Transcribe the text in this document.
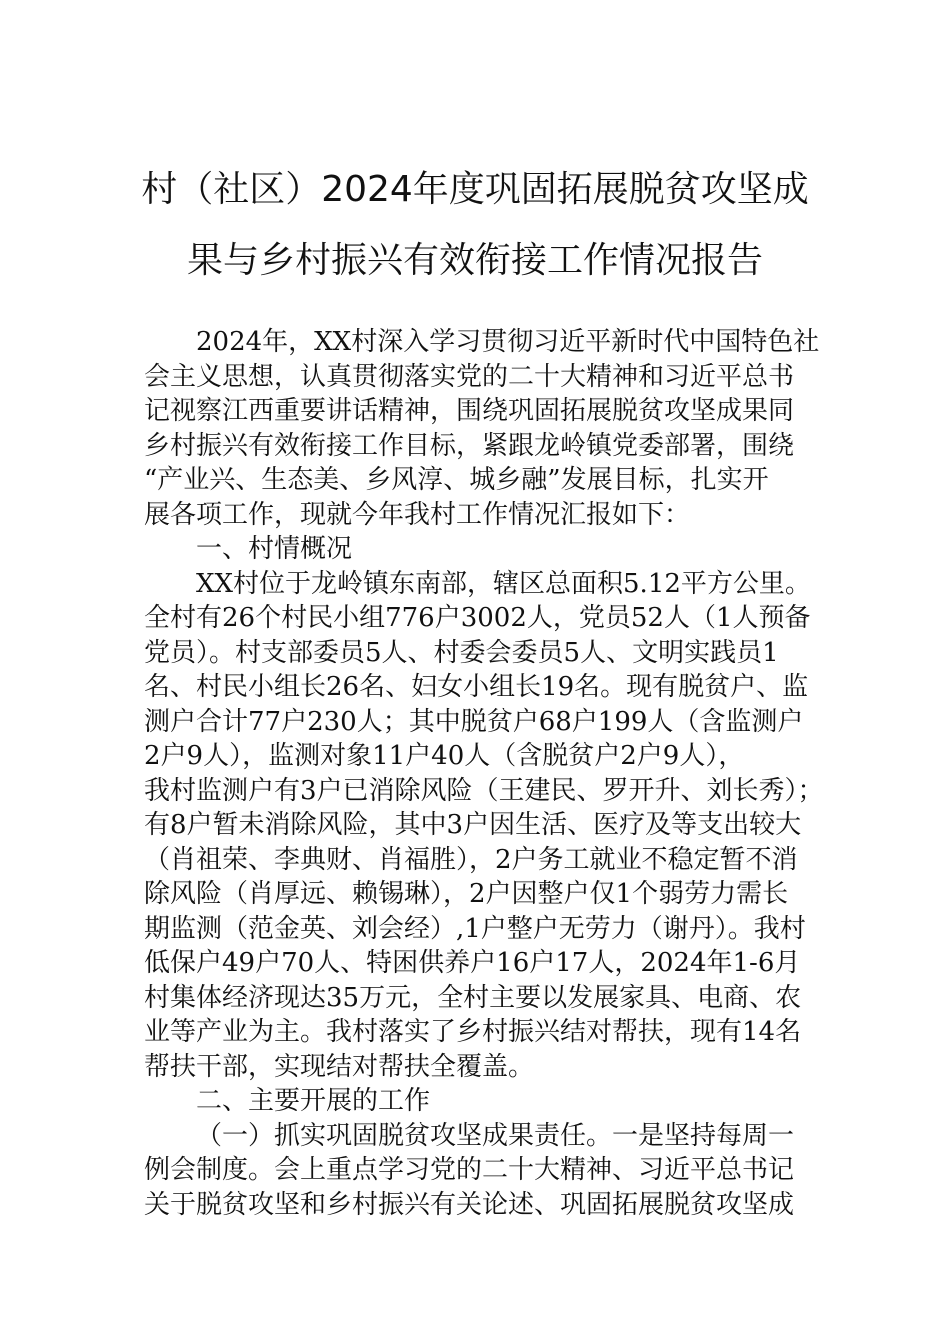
村（社区）2024年度巩固拓展脱贫攻坚成
果与乡村振兴有效衔接工作情况报告
2024年，XX村深入学习贯彻习近平新时代中国特色社
会主义思想，认真贯彻落实党的二十大精神和习近平总书
记视察江西重要讲话精神，围绕巩固拓展脱贫攻坚成果同
乡村振兴有效衔接工作目标，紧跟龙岭镇党委部署，围绕
“产业兴、生态美、乡风淳、城乡融”发展目标，扎实开
展各项工作，现就今年我村工作情况汇报如下：
一、村情概况
XX村位于龙岭镇东南部，辖区总面积5.12平方公里。
全村有26个村民小组776户3002人，党员52人（1人预备
党员）。村支部委员5人、村委会委员5人、文明实践员1
名、村民小组长26名、妇女小组长19名。现有脱贫户、监
测户合计77户230人；其中脱贫户68户199人（含监测户
2户9人），监测对象11户40人（含脱贫户2户9人），
我村监测户有3户已消除风险（王建民、罗开升、刘长秀）；
有8户暂未消除风险，其中3户因生活、医疗及等支出较大
（肖祖荣、李典财、肖福胜），2户务工就业不稳定暂不消
除风险（肖厚远、赖锡琳），2户因整户仅1个弱劳力需长
期监测（范金英、刘会经）,1户整户无劳力（谢丹）。我村
低保户49户70人、特困供养户16户17人，2024年1-6月
村集体经济现达35万元，全村主要以发展家具、电商、农
业等产业为主。我村落实了乡村振兴结对帮扶，现有14名
帮扶干部，实现结对帮扶全覆盖。
二、主要开展的工作
（一）抓实巩固脱贫攻坚成果责任。一是坚持每周一
例会制度。会上重点学习党的二十大精神、习近平总书记
关于脱贫攻坚和乡村振兴有关论述、巩固拓展脱贫攻坚成
